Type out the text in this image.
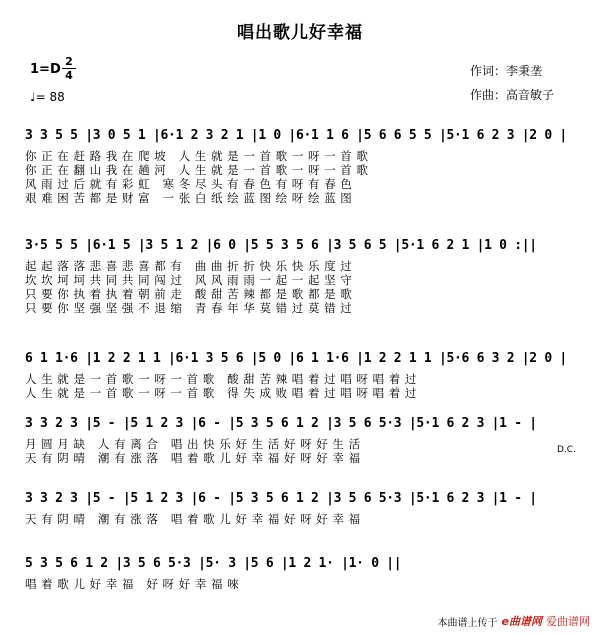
唱出歌儿好幸福
1=D
2
4
♩= 88
作词：李秉垄
作曲：高音敏子
3 3 5 5 |3 0 5 1 |6·1 2 3 2 1 |1 0 |6·1 1 6 |5 6 6 5 5 |5·1 6 2 3 |2 0 |
你 正 在 赶 路 我 在 爬 坡   人 生 就 是 一 首 歌 一 呀 一 首 歌
你 正 在 翻 山 我 在 趟 河   人 生 就 是 一 首 歌 一 呀 一 首 歌
风 雨 过 后 就 有 彩 虹   寒 冬 尽 头 有 春 色 有 呀 有 春 色
艰 难 困 苦 都 是 财 富   一 张 白 纸 绘 蓝 图 绘 呀 绘 蓝 图
3·5 5 5 |6·1 5 |3 5 1 2 |6 0 |5 5 3 5 6 |3 5 6 5 |5·1 6 2 1 |1 0 :||
起 起 落 落 悲 喜 悲 喜 都 有   曲 曲 折 折 快 乐 快 乐 度 过
坎 坎 坷 坷 共 同 共 同 闯 过   风 风 雨 雨 一 起 一 起 坚 守
只 要 你 执 着 执 着 朝 前 走   酸 甜 苦 辣 都 是 歌 都 是 歌
只 要 你 坚 强 坚 强 不 退 缩   青 春 年 华 莫 错 过 莫 错 过
6 1 1·6 |1 2 2 1 1 |6·1 3 5 6 |5 0 |6 1 1·6 |1 2 2 1 1 |5·6 6 3 2 |2 0 |
人 生 就 是 一 首 歌 一 呀 一 首 歌   酸 甜 苦 辣 唱 着 过 唱 呀 唱 着 过
人 生 就 是 一 首 歌 一 呀 一 首 歌   得 失 成 败 唱 着 过 唱 呀 唱 着 过
3 3 2 3 |5 - |5 1 2 3 |6 - |5 3 5 6 1 2 |3 5 6 5·3 |5·1 6 2 3 |1 - |
月 圆 月 缺   人 有 离 合   唱 出 快 乐 好 生 活 好 呀 好 生 活
天 有 阴 晴   潮 有 涨 落   唱 着 歌 儿 好 幸 福 好 呀 好 幸 福
3 3 2 3 |5 - |5 1 2 3 |6 - |5 3 5 6 1 2 |3 5 6 5·3 |5·1 6 2 3 |1 - |
天 有 阴 晴   潮 有 涨 落   唱 着 歌 儿 好 幸 福 好 呀 好 幸 福
5 3 5 6 1 2 |3 5 6 5·3 |5· 3 |5 6 |1 2 1· |1· 0 ||
唱 着 歌 儿 好 幸 福   好 呀 好 幸 福 唻
D.C.
本曲谱上传于 e曲谱网 爱曲谱网
